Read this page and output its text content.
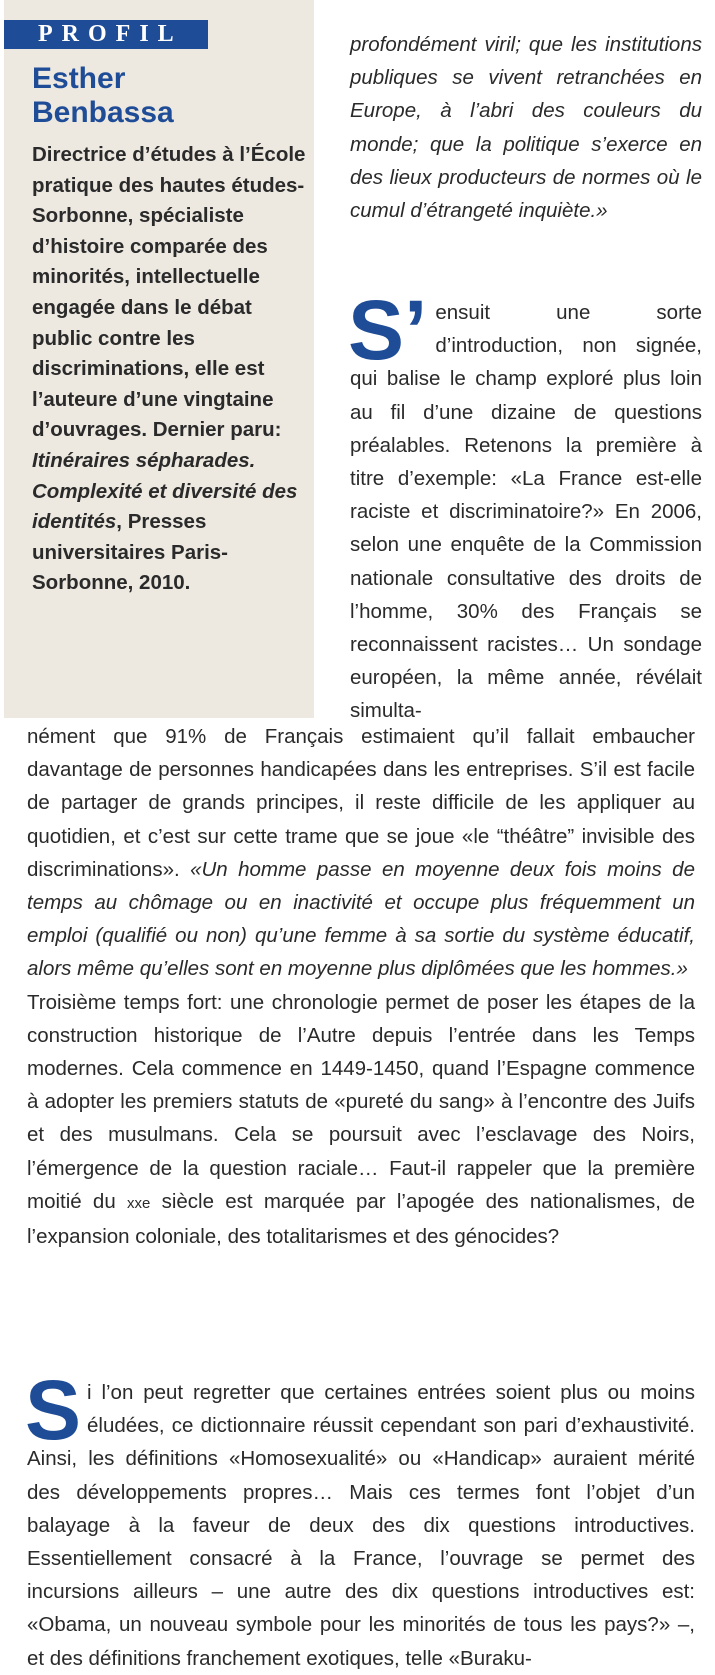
PROFIL
Esther
Benbassa
Directrice d’études à l’École pratique des hautes études-Sorbonne, spécialiste d’histoire comparée des minorités, intellectuelle engagée dans le débat public contre les discriminations, elle est l’auteure d’une vingtaine d’ouvrages. Dernier paru: Itinéraires sépharades. Complexité et diversité des identités, Presses universitaires Paris-Sorbonne, 2010.
profondément viril; que les institutions publiques se vivent retranchées en Europe, à l’abri des couleurs du monde; que la politique s’exerce en des lieux producteurs de normes où le cumul d’étrangeté inquiète.»
S’ ensuit une sorte d’introduction, non signée, qui balise le champ exploré plus loin au fil d’une dizaine de questions préalables. Retenons la première à titre d’exemple: «La France est-elle raciste et discriminatoire?» En 2006, selon une enquête de la Commission nationale consultative des droits de l’homme, 30% des Français se reconnaissent racistes… Un sondage européen, la même année, révélait simulta-
nément que 91% de Français estimaient qu’il fallait embaucher davantage de personnes handicapées dans les entreprises. S’il est facile de partager de grands principes, il reste difficile de les appliquer au quotidien, et c’est sur cette trame que se joue «le “théâtre” invisible des discriminations». «Un homme passe en moyenne deux fois moins de temps au chômage ou en inactivité et occupe plus fréquemment un emploi (qualifié ou non) qu’une femme à sa sortie du système éducatif, alors même qu’elles sont en moyenne plus diplômées que les hommes.»
Troisième temps fort: une chronologie permet de poser les étapes de la construction historique de l’Autre depuis l’entrée dans les Temps modernes. Cela commence en 1449-1450, quand l’Espagne commence à adopter les premiers statuts de «pureté du sang» à l’encontre des Juifs et des musulmans. Cela se poursuit avec l’esclavage des Noirs, l’émergence de la question raciale… Faut-il rappeler que la première moitié du xxe siècle est marquée par l’apogée des nationalismes, de l’expansion coloniale, des totalitarismes et des génocides?
Si l’on peut regretter que certaines entrées soient plus ou moins éludées, ce dictionnaire réussit cependant son pari d’exhaustivité. Ainsi, les définitions «Homosexualité» ou «Handicap» auraient mérité des développements propres… Mais ces termes font l’objet d’un balayage à la faveur de deux des dix questions introductives. Essentiellement consacré à la France, l’ouvrage se permet des incursions ailleurs – une autre des dix questions introductives est: «Obama, un nouveau symbole pour les minorités de tous les pays?» –, et des définitions franchement exotiques, telle «Buraku-
